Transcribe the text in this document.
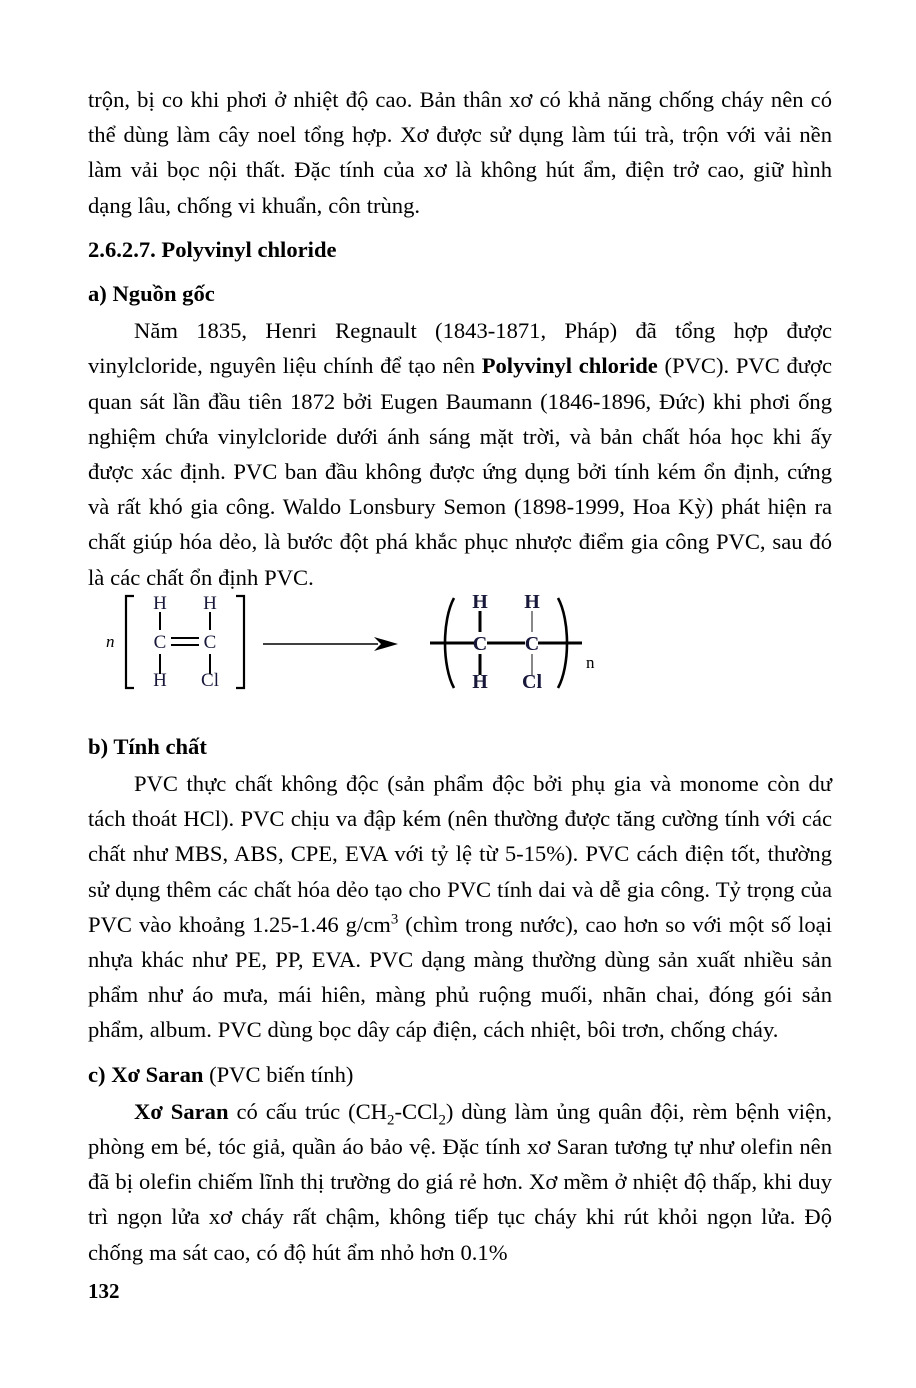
trộn, bị co khi phơi ở nhiệt độ cao. Bản thân xơ có khả năng chống cháy nên có thể dùng làm cây noel tổng hợp. Xơ được sử dụng làm túi trà, trộn với vải nền làm vải bọc nội thất. Đặc tính của xơ là không hút ẩm, điện trở cao, giữ hình dạng lâu, chống vi khuẩn, côn trùng.

2.6.2.7. Polyvinyl chloride
a) Nguồn gốc

Năm 1835, Henri Regnault (1843-1871, Pháp) đã tổng hợp được vinylcloride, nguyên liệu chính để tạo nên Polyvinyl chloride (PVC). PVC được quan sát lần đầu tiên 1872 bởi Eugen Baumann (1846-1896, Đức) khi phơi ống nghiệm chứa vinylcloride dưới ánh sáng mặt trời, và bản chất hóa học khi ấy được xác định. PVC ban đầu không được ứng dụng bởi tính kém ổn định, cứng và rất khó gia công. Waldo Lonsbury Semon (1898-1999, Hoa Kỳ) phát hiện ra chất giúp hóa dẻo, là bước đột phá khắc phục nhược điểm gia công PVC, sau đó là các chất ổn định PVC.

n C C
H
H
H
Cl
C C
H
H
H
Cl
n
b) Tính chất

PVC thực chất không độc (sản phẩm độc bởi phụ gia và monome còn dư tách thoát HCl). PVC chịu va đập kém (nên thường được tăng cường tính với các chất như MBS, ABS, CPE, EVA với tỷ lệ từ 5-15%). PVC cách điện tốt, thường sử dụng thêm các chất hóa dẻo tạo cho PVC tính dai và dễ gia công. Tỷ trọng của PVC vào khoảng 1.25-1.46 $g/cm^3$ (chìm trong nước), cao hơn so với một số loại nhựa khác như PE, PP, EVA. PVC dạng màng thường dùng sản xuất nhiều sản phẩm như áo mưa, mái hiên, màng phủ ruộng muối, nhãn chai, đóng gói sản phẩm, album. PVC dùng bọc dây cáp điện, cách nhiệt, bôi trơn, chống cháy.

c) Xơ Saran (PVC biến tính)

Xơ Saran có cấu trúc $(CH_2-CCl_2)$ dùng làm ủng quân đội, rèm bệnh viện, phòng em bé, tóc giả, quần áo bảo vệ. Đặc tính xơ Saran tương tự như olefin nên đã bị olefin chiếm lĩnh thị trường do giá rẻ hơn. Xơ mềm ở nhiệt độ thấp, khi duy trì ngọn lửa xơ cháy rất chậm, không tiếp tục cháy khi rút khỏi ngọn lửa. Độ chống ma sát cao, có độ hút ẩm nhỏ hơn 0.1%

132
